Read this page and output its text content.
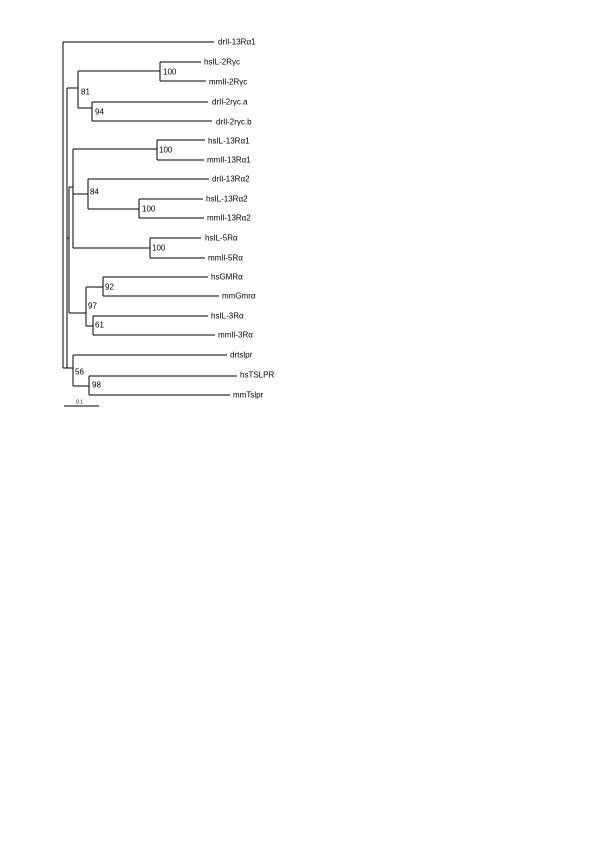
drIl-13Rα1
hsIL-2Rγc
mmIl-2Rγc
drIl-2rγc.a
drIl-2rγc.b
hsIL-13Rα1
mmIl-13Rα1
drIl-13Rα2
hsIL-13Rα2
mmIl-13Rα2
hsIL-5Rα
mmIl-5Rα
hsGMRα
mmGmrα
hsIL-3Rα
mmIl-3Rα
drtslpr
hsTSLPR
mmTslpr
100
81
94
100
84
100
100
92
97
61
56
98
0.1
